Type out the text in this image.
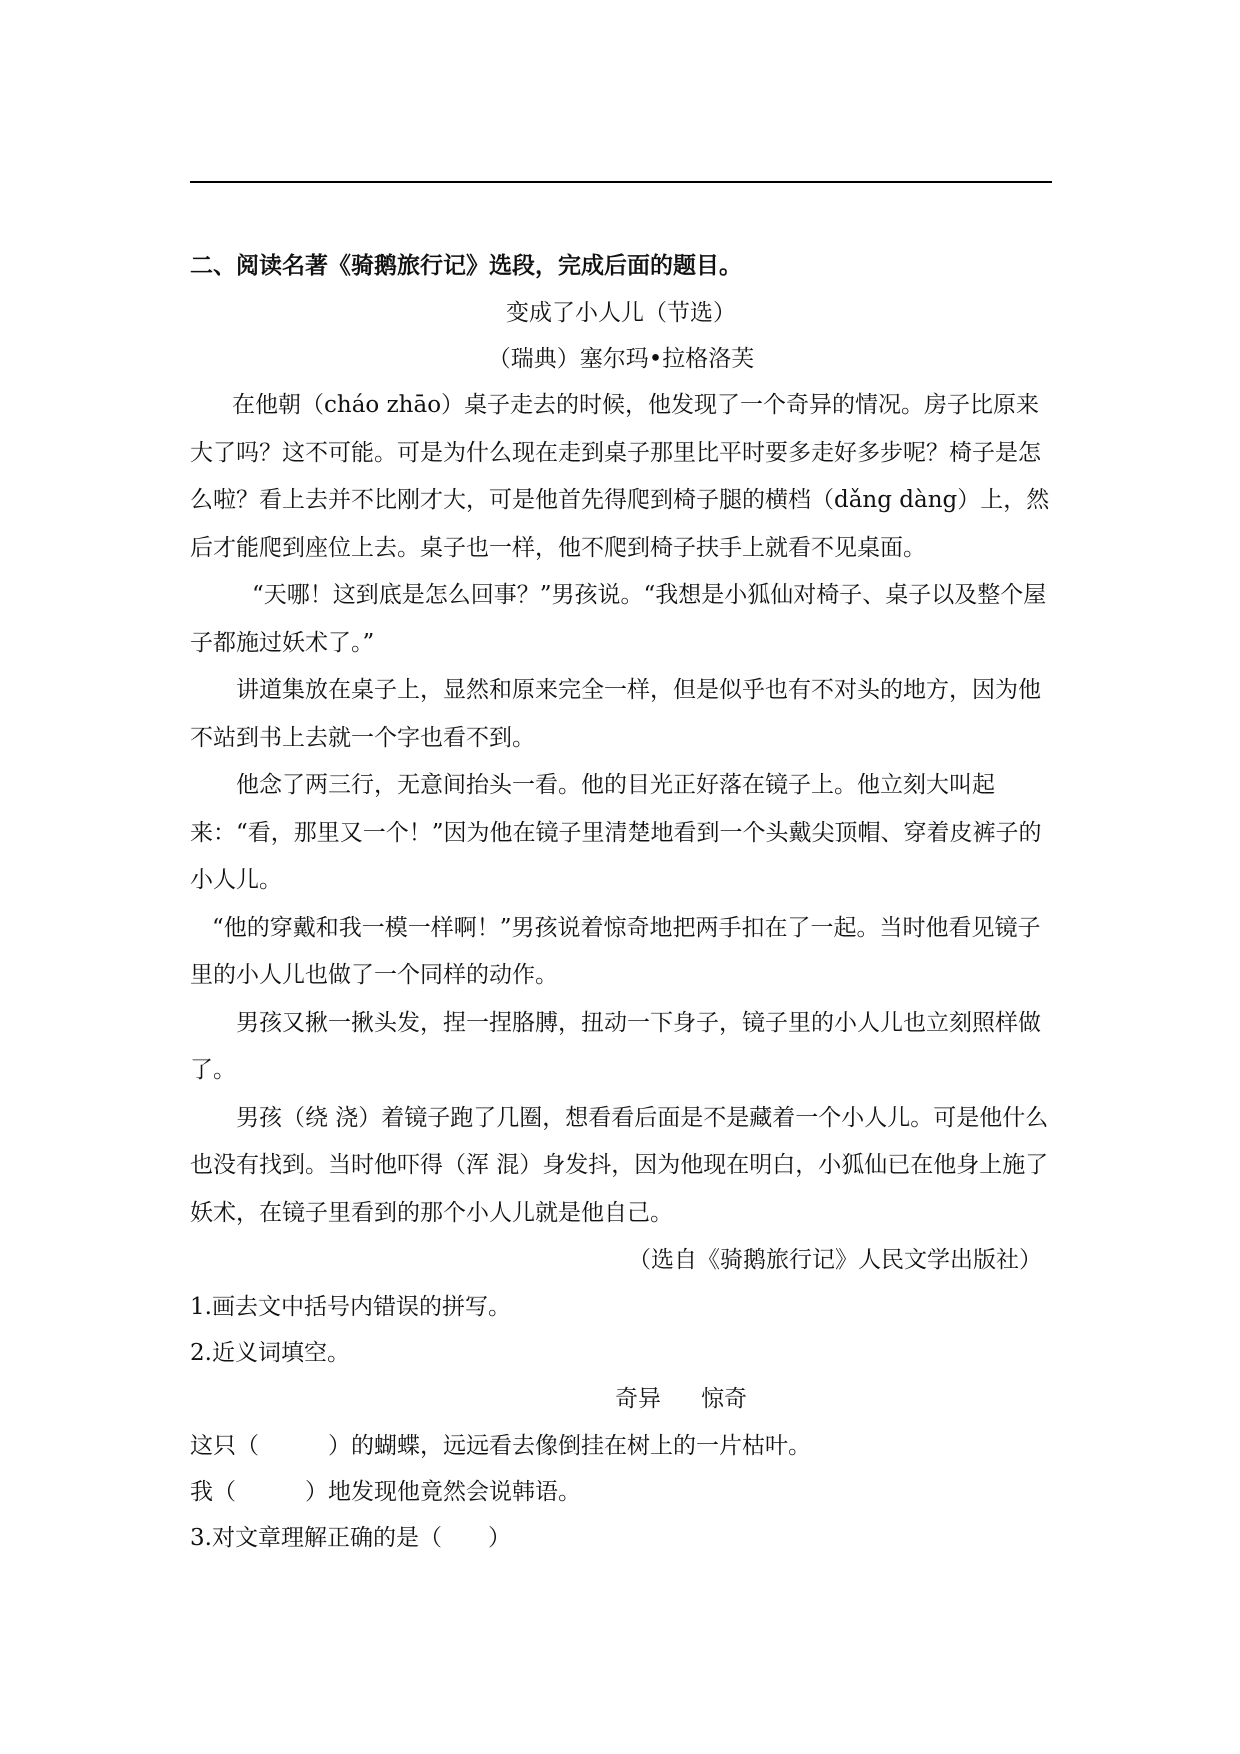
二、阅读名著《骑鹅旅行记》选段，完成后面的题目。
变成了小人儿（节选）
（瑞典）塞尔玛•拉格洛芙

在他朝（cháo zhāo）桌子走去的时候，他发现了一个奇异的情况。房子比原来大了吗？这不可能。可是为什么现在走到桌子那里比平时要多走好多步呢？椅子是怎么啦？看上去并不比刚才大，可是他首先得爬到椅子腿的横档（dǎng dàng）上，然后才能爬到座位上去。桌子也一样，他不爬到椅子扶手上就看不见桌面。

“天哪！这到底是怎么回事？”男孩说。“我想是小狐仙对椅子、桌子以及整个屋子都施过妖术了。”

讲道集放在桌子上，显然和原来完全一样，但是似乎也有不对头的地方，因为他不站到书上去就一个字也看不到。

他念了两三行，无意间抬头一看。他的目光正好落在镜子上。他立刻大叫起来：“看，那里又一个！”因为他在镜子里清楚地看到一个头戴尖顶帽、穿着皮裤子的小人儿。

“他的穿戴和我一模一样啊！”男孩说着惊奇地把两手扣在了一起。当时他看见镜子里的小人儿也做了一个同样的动作。

男孩又揪一揪头发，捏一捏胳膊，扭动一下身子，镜子里的小人儿也立刻照样做了。

男孩（绕 浇）着镜子跑了几圈，想看看后面是不是藏着一个小人儿。可是他什么也没有找到。当时他吓得（浑 混）身发抖，因为他现在明白，小狐仙已在他身上施了妖术，在镜子里看到的那个小人儿就是他自己。

（选自《骑鹅旅行记》人民文学出版社）
1.画去文中括号内错误的拼写。
2.近义词填空。
奇异 惊奇
这只（　　　）的蝴蝶，远远看去像倒挂在树上的一片枯叶。
我（　　　）地发现他竟然会说韩语。
3.对文章理解正确的是（　　）
